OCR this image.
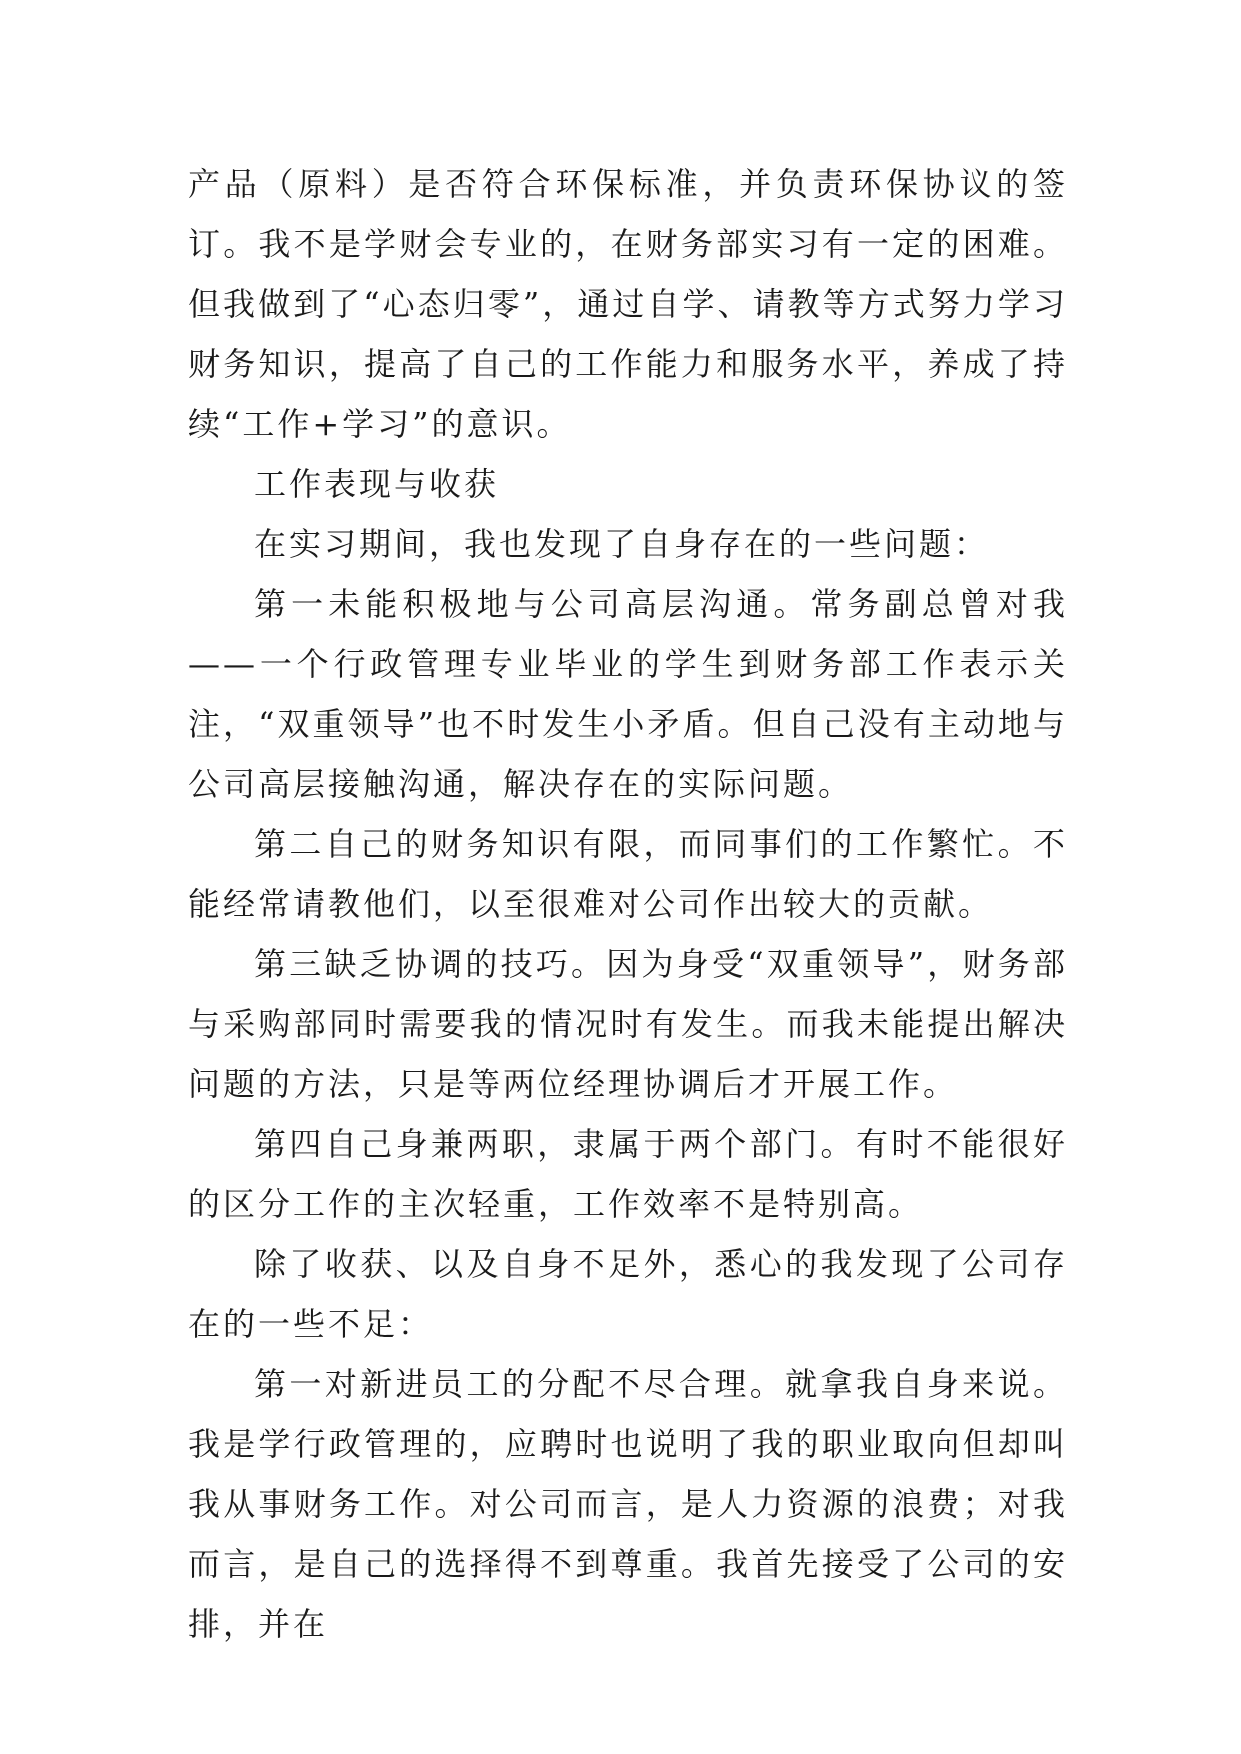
产品（原料）是否符合环保标准，并负责环保协议的签订。我不是学财会专业的，在财务部实习有一定的困难。但我做到了“心态归零”，通过自学、请教等方式努力学习财务知识，提高了自己的工作能力和服务水平，养成了持续“工作+学习”的意识。

工作表现与收获

在实习期间，我也发现了自身存在的一些问题：

第一未能积极地与公司高层沟通。常务副总曾对我——一个行政管理专业毕业的学生到财务部工作表示关注，“双重领导”也不时发生小矛盾。但自己没有主动地与公司高层接触沟通，解决存在的实际问题。

第二自己的财务知识有限，而同事们的工作繁忙。不能经常请教他们，以至很难对公司作出较大的贡献。

第三缺乏协调的技巧。因为身受“双重领导”，财务部与采购部同时需要我的情况时有发生。而我未能提出解决问题的方法，只是等两位经理协调后才开展工作。

第四自己身兼两职，隶属于两个部门。有时不能很好的区分工作的主次轻重，工作效率不是特别高。

除了收获、以及自身不足外，悉心的我发现了公司存在的一些不足：

第一对新进员工的分配不尽合理。就拿我自身来说。我是学行政管理的，应聘时也说明了我的职业取向但却叫我从事财务工作。对公司而言，是人力资源的浪费；对我而言，是自己的选择得不到尊重。我首先接受了公司的安排，并在
